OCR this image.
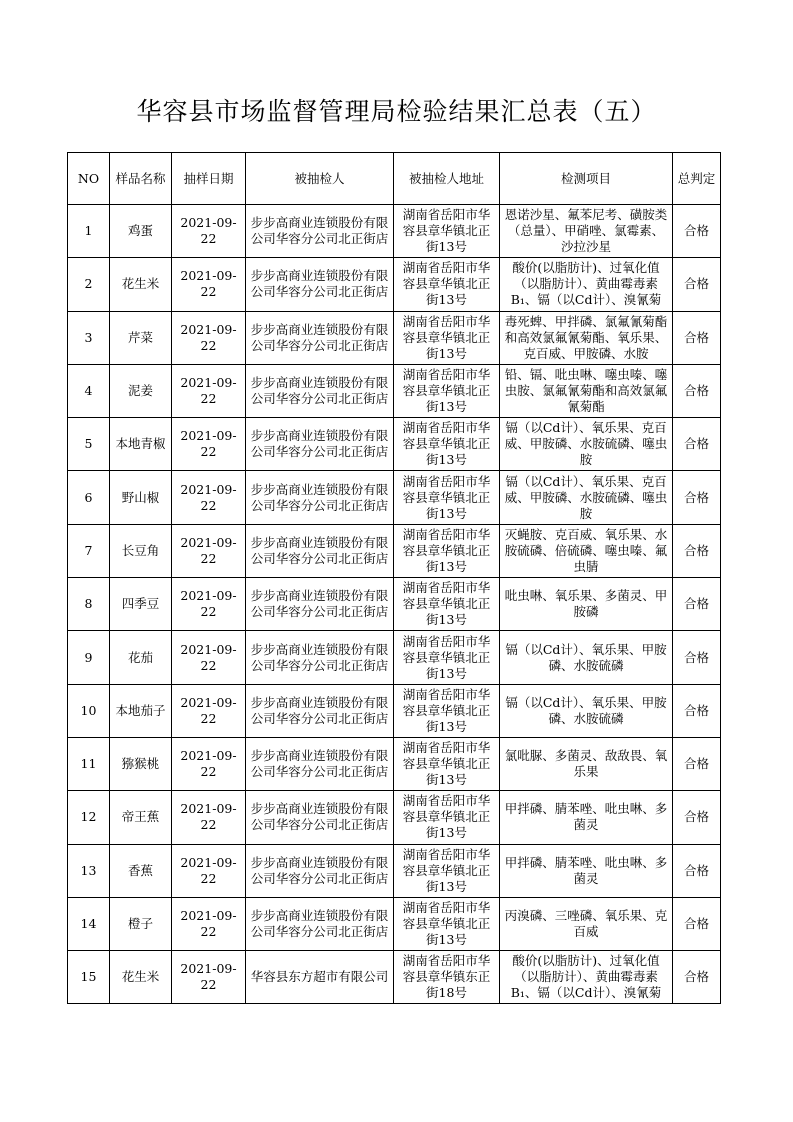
华容县市场监督管理局检验结果汇总表（五）
NO	样品名称	抽样日期	被抽检人	被抽检人地址	检测项目	总判定
1	鸡蛋	2021-09-22	步步高商业连锁股份有限公司华容分公司北正街店	湖南省岳阳市华容县章华镇北正街13号	恩诺沙星、氟苯尼考、磺胺类（总量）、甲硝唑、氯霉素、沙拉沙星	合格
2	花生米	2021-09-22	步步高商业连锁股份有限公司华容分公司北正街店	湖南省岳阳市华容县章华镇北正街13号	酸价(以脂肪计)、过氧化值（以脂肪计）、黄曲霉毒素B₁、镉（以Cd计）、溴氰菊	合格
3	芹菜	2021-09-22	步步高商业连锁股份有限公司华容分公司北正街店	湖南省岳阳市华容县章华镇北正街13号	毒死蜱、甲拌磷、氯氟氰菊酯和高效氯氟氰菊酯、氧乐果、克百威、甲胺磷、水胺	合格
4	泥姜	2021-09-22	步步高商业连锁股份有限公司华容分公司北正街店	湖南省岳阳市华容县章华镇北正街13号	铅、镉、吡虫啉、噻虫嗪、噻虫胺、氯氟氰菊酯和高效氯氟氰菊酯	合格
5	本地青椒	2021-09-22	步步高商业连锁股份有限公司华容分公司北正街店	湖南省岳阳市华容县章华镇北正街13号	镉（以Cd计）、氧乐果、克百威、甲胺磷、水胺硫磷、噻虫胺	合格
6	野山椒	2021-09-22	步步高商业连锁股份有限公司华容分公司北正街店	湖南省岳阳市华容县章华镇北正街13号	镉（以Cd计）、氧乐果、克百威、甲胺磷、水胺硫磷、噻虫胺	合格
7	长豆角	2021-09-22	步步高商业连锁股份有限公司华容分公司北正街店	湖南省岳阳市华容县章华镇北正街13号	灭蝇胺、克百威、氧乐果、水胺硫磷、倍硫磷、噻虫嗪、氟虫腈	合格
8	四季豆	2021-09-22	步步高商业连锁股份有限公司华容分公司北正街店	湖南省岳阳市华容县章华镇北正街13号	吡虫啉、氧乐果、多菌灵、甲胺磷	合格
9	花茄	2021-09-22	步步高商业连锁股份有限公司华容分公司北正街店	湖南省岳阳市华容县章华镇北正街13号	镉（以Cd计）、氧乐果、甲胺磷、水胺硫磷	合格
10	本地茄子	2021-09-22	步步高商业连锁股份有限公司华容分公司北正街店	湖南省岳阳市华容县章华镇北正街13号	镉（以Cd计）、氧乐果、甲胺磷、水胺硫磷	合格
11	猕猴桃	2021-09-22	步步高商业连锁股份有限公司华容分公司北正街店	湖南省岳阳市华容县章华镇北正街13号	氯吡脲、多菌灵、敌敌畏、氧乐果	合格
12	帝王蕉	2021-09-22	步步高商业连锁股份有限公司华容分公司北正街店	湖南省岳阳市华容县章华镇北正街13号	甲拌磷、腈苯唑、吡虫啉、多菌灵	合格
13	香蕉	2021-09-22	步步高商业连锁股份有限公司华容分公司北正街店	湖南省岳阳市华容县章华镇北正街13号	甲拌磷、腈苯唑、吡虫啉、多菌灵	合格
14	橙子	2021-09-22	步步高商业连锁股份有限公司华容分公司北正街店	湖南省岳阳市华容县章华镇北正街13号	丙溴磷、三唑磷、氧乐果、克百威	合格
15	花生米	2021-09-22	华容县东方超市有限公司	湖南省岳阳市华容县章华镇东正街18号	酸价(以脂肪计)、过氧化值（以脂肪计）、黄曲霉毒素B₁、镉（以Cd计）、溴氰菊	合格
